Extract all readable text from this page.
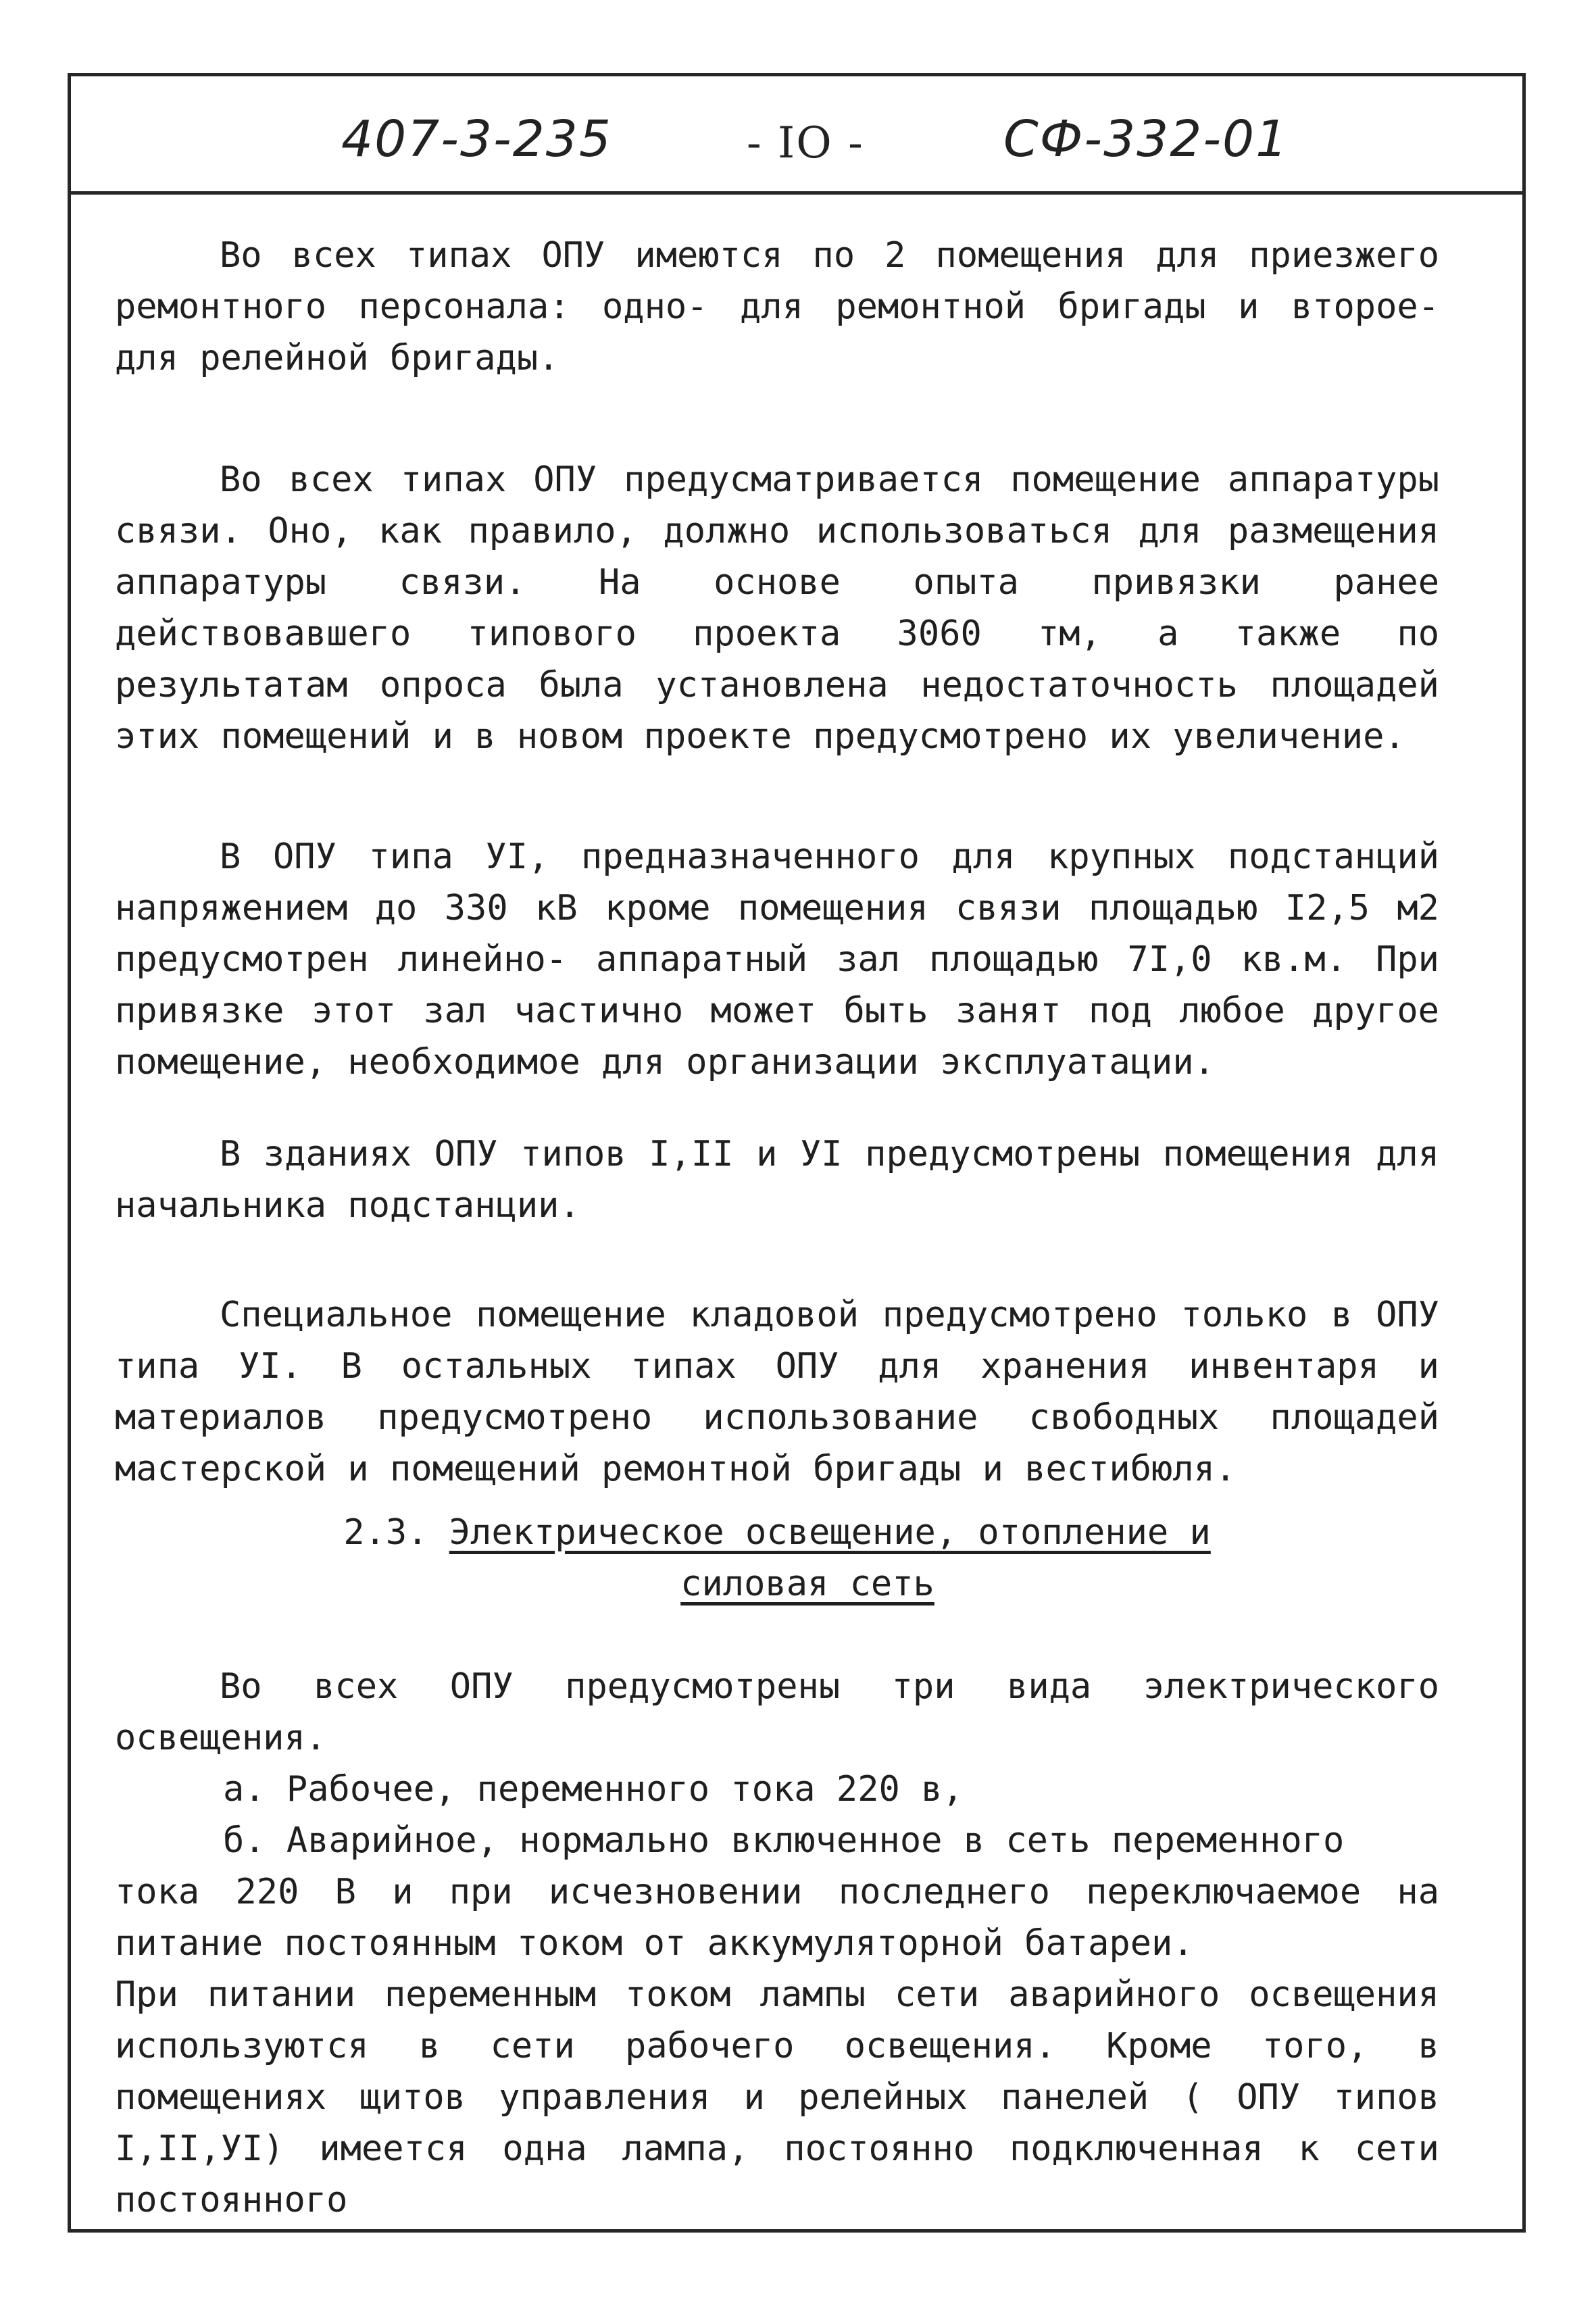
407-3-235	- IO -	СФ-332-01
Во всех типах ОПУ имеются по 2 помещения для приезжего ремонтного персонала: одно- для ремонтной бригады и второе- для релейной бригады.
Во всех типах ОПУ предусматривается помещение аппаратуры связи. Оно, как правило, должно использоваться для размещения аппаратуры связи. На основе опыта привязки ранее действовавшего типового проекта 3060 тм, а также по результатам опроса была установлена недостаточность площадей этих помещений и в новом проекте предусмотрено их увеличение.
В ОПУ типа УI, предназначенного для крупных подстанций напряжением до 330 кВ кроме помещения связи площадью I2,5 м2 предусмотрен линейно- аппаратный зал площадью 7I,0 кв.м. При привязке этот зал частично может быть занят под любое другое помещение, необходимое для организации эксплуатации.
В зданиях ОПУ типов I,II и УI предусмотрены помещения для начальника подстанции.
Специальное помещение кладовой предусмотрено только в ОПУ типа УI. В остальных типах ОПУ для хранения инвентаря и материалов предусмотрено использование свободных площадей мастерской и помещений ремонтной бригады и вестибюля.
2.3. Электрическое освещение, отопление и
силовая сеть
Во всех ОПУ предусмотрены три вида электрического освещения.
а. Рабочее, переменного тока 220 в,
б. Аварийное, нормально включенное в сеть переменного
тока 220 В и при исчезновении последнего переключаемое на питание постоянным током от аккумуляторной батареи.
При питании переменным током лампы сети аварийного освещения используются в сети рабочего освещения. Кроме того, в помещениях щитов управления и релейных панелей ( ОПУ типов I,II,УI) имеется одна лампа, постоянно подключенная к сети постоянного
